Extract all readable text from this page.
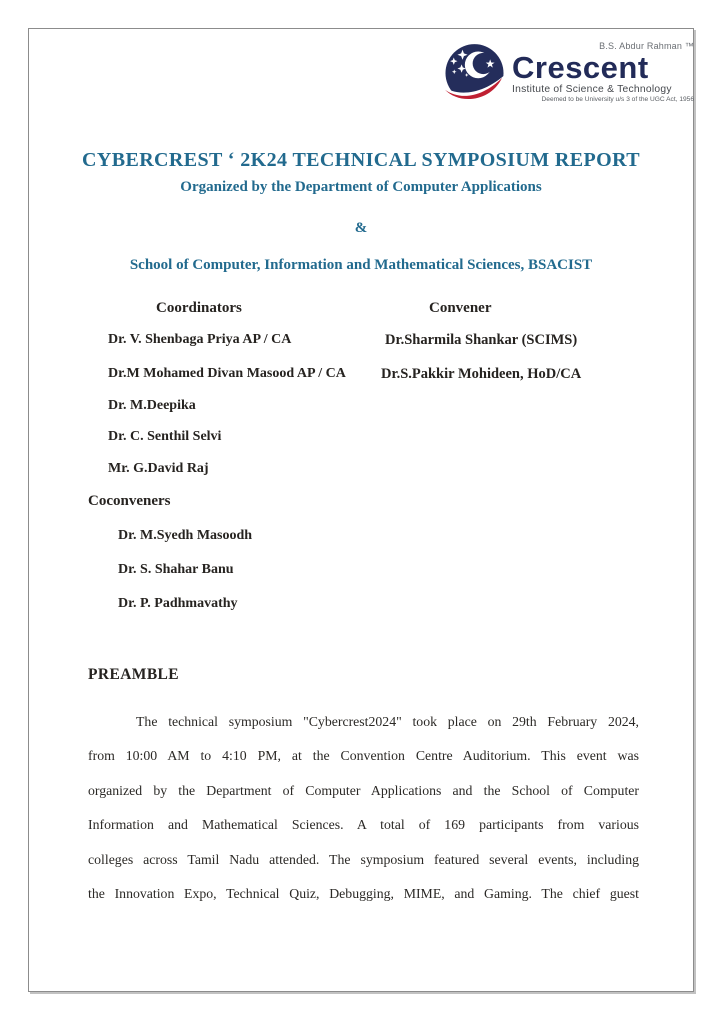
B.S. Abdur Rahman ™
Crescent
Institute of Science & Technology
Deemed to be University u/s 3 of the UGC Act, 1956
CYBERCREST ‘ 2K24 TECHNICAL SYMPOSIUM REPORT
Organized by the Department of Computer Applications
&
School of Computer, Information and Mathematical Sciences, BSACIST
Coordinators	Convener
Dr. V. Shenbaga Priya AP / CA
Dr.M Mohamed Divan Masood AP / CA
Dr. M.Deepika
Dr. C. Senthil Selvi
Mr. G.David Raj
Dr.Sharmila Shankar (SCIMS)
Dr.S.Pakkir Mohideen, HoD/CA
Coconveners
Dr. M.Syedh Masoodh
Dr. S. Shahar Banu
Dr. P. Padhmavathy
PREAMBLE
The technical symposium "Cybercrest2024" took place on 29th February 2024,
from 10:00 AM to 4:10 PM, at the Convention Centre Auditorium. This event was
organized by the Department of Computer Applications and the School of Computer
Information and Mathematical Sciences. A total of 169 participants from various
colleges across Tamil Nadu attended. The symposium featured several events, including
the Innovation Expo, Technical Quiz, Debugging, MIME, and Gaming. The chief guest
